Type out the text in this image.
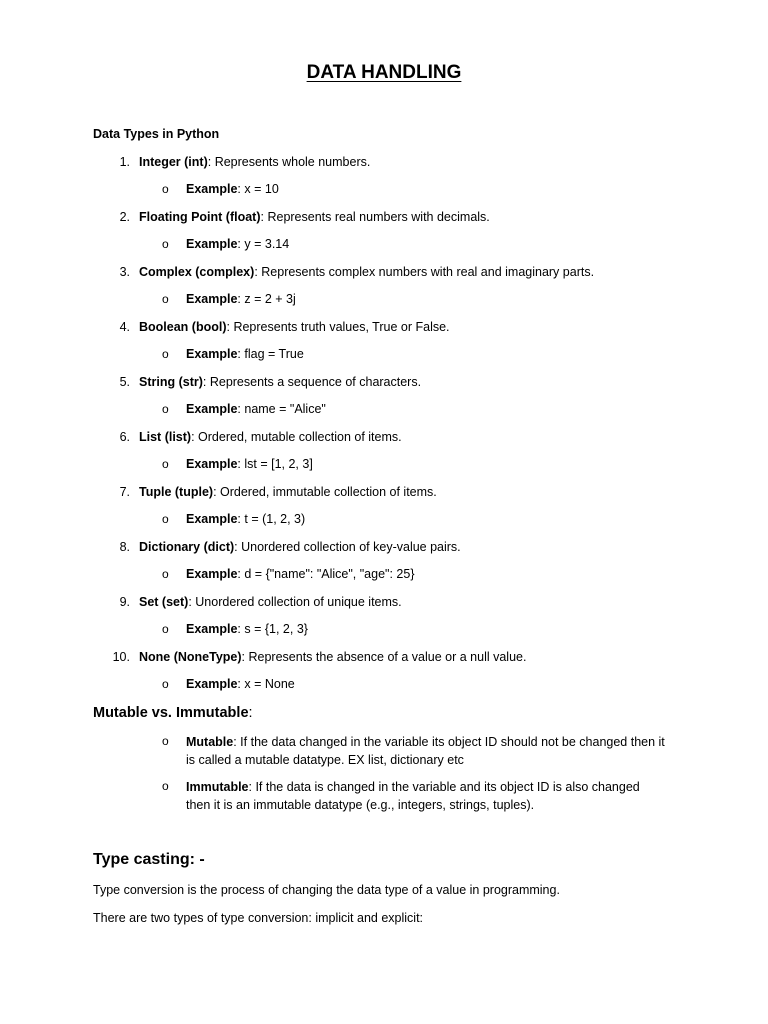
DATA HANDLING
Data Types in Python
1. Integer (int): Represents whole numbers.
o Example: x = 10
2. Floating Point (float): Represents real numbers with decimals.
o Example: y = 3.14
3. Complex (complex): Represents complex numbers with real and imaginary parts.
o Example: z = 2 + 3j
4. Boolean (bool): Represents truth values, True or False.
o Example: flag = True
5. String (str): Represents a sequence of characters.
o Example: name = "Alice"
6. List (list): Ordered, mutable collection of items.
o Example: lst = [1, 2, 3]
7. Tuple (tuple): Ordered, immutable collection of items.
o Example: t = (1, 2, 3)
8. Dictionary (dict): Unordered collection of key-value pairs.
o Example: d = {"name": "Alice", "age": 25}
9. Set (set): Unordered collection of unique items.
o Example: s = {1, 2, 3}
10. None (NoneType): Represents the absence of a value or a null value.
o Example: x = None
Mutable vs. Immutable:
o Mutable: If the data changed in the variable its object ID should not be changed then it is called a mutable datatype. EX list, dictionary etc
o Immutable: If the data is changed in the variable and its object ID is also changed then it is an immutable datatype (e.g., integers, strings, tuples).
Type casting: -
Type conversion is the process of changing the data type of a value in programming.
There are two types of type conversion: implicit and explicit:
